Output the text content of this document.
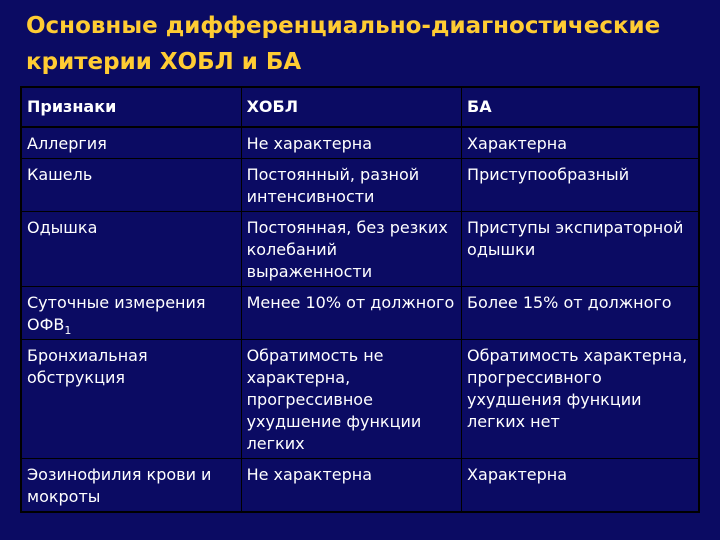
Основные дифференциально-диагностические критерии ХОБЛ и БА
Признаки	ХОБЛ	БА
Аллергия	Не характерна	Характерна
Кашель	Постоянный, разной интенсивности	Приступообразный
Одышка	Постоянная, без резких колебаний выраженности	Приступы экспираторной одышки
Суточные измерения $ОФВ_1$	Менее 10% от должного	Более 15% от должного
Бронхиальная обструкция	Обратимость не характерна, прогрессивное ухудшение функции легких	Обратимость характерна, прогрессивного ухудшения функции легких нет
Эозинофилия крови и мокроты	Не характерна	Характерна
